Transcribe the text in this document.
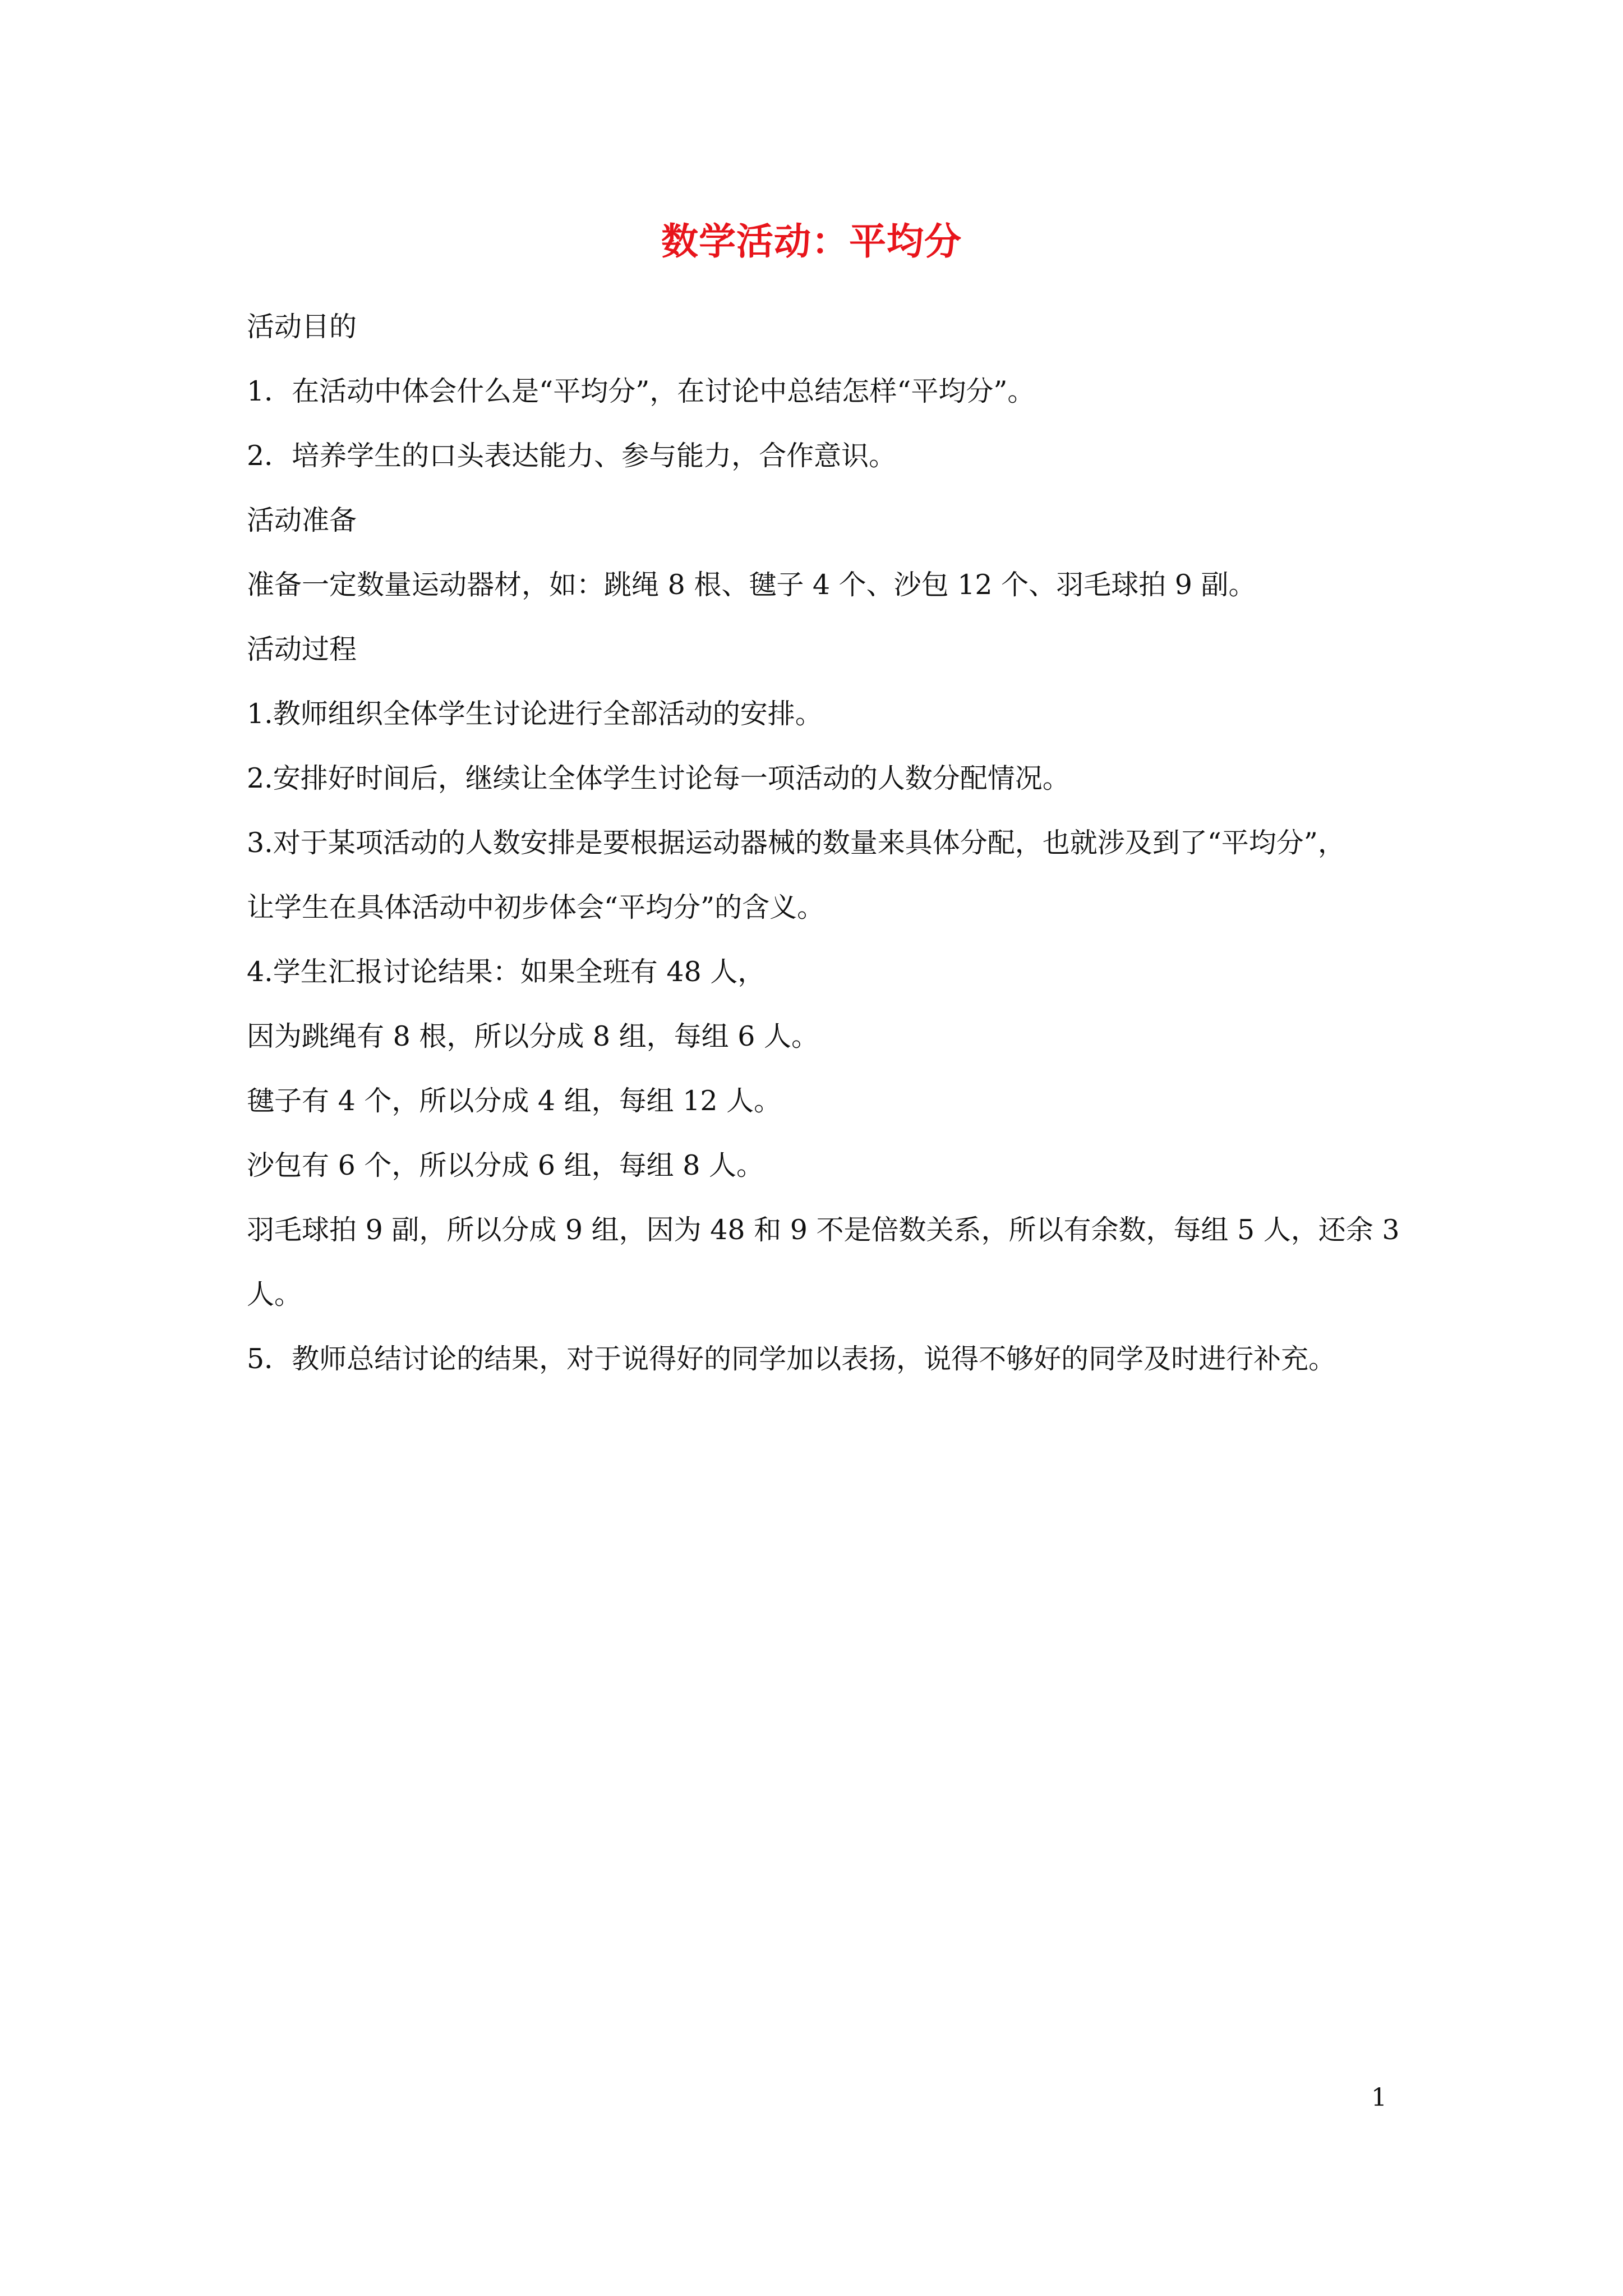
数学活动：平均分
活动目的
1．在活动中体会什么是“平均分”，在讨论中总结怎样“平均分”。
2．培养学生的口头表达能力、参与能力，合作意识。
活动准备
准备一定数量运动器材，如：跳绳 8 根、毽子 4 个、沙包 12 个、羽毛球拍 9 副。
活动过程
1.教师组织全体学生讨论进行全部活动的安排。
2.安排好时间后，继续让全体学生讨论每一项活动的人数分配情况。
3.对于某项活动的人数安排是要根据运动器械的数量来具体分配，也就涉及到了“平均分”，
让学生在具体活动中初步体会“平均分”的含义。
4.学生汇报讨论结果：如果全班有 48 人，
因为跳绳有 8 根，所以分成 8 组，每组 6 人。
毽子有 4 个，所以分成 4 组，每组 12 人。
沙包有 6 个，所以分成 6 组，每组 8 人。
羽毛球拍 9 副，所以分成 9 组，因为 48 和 9 不是倍数关系，所以有余数，每组 5 人，还余 3
人。
5．教师总结讨论的结果，对于说得好的同学加以表扬，说得不够好的同学及时进行补充。
1
